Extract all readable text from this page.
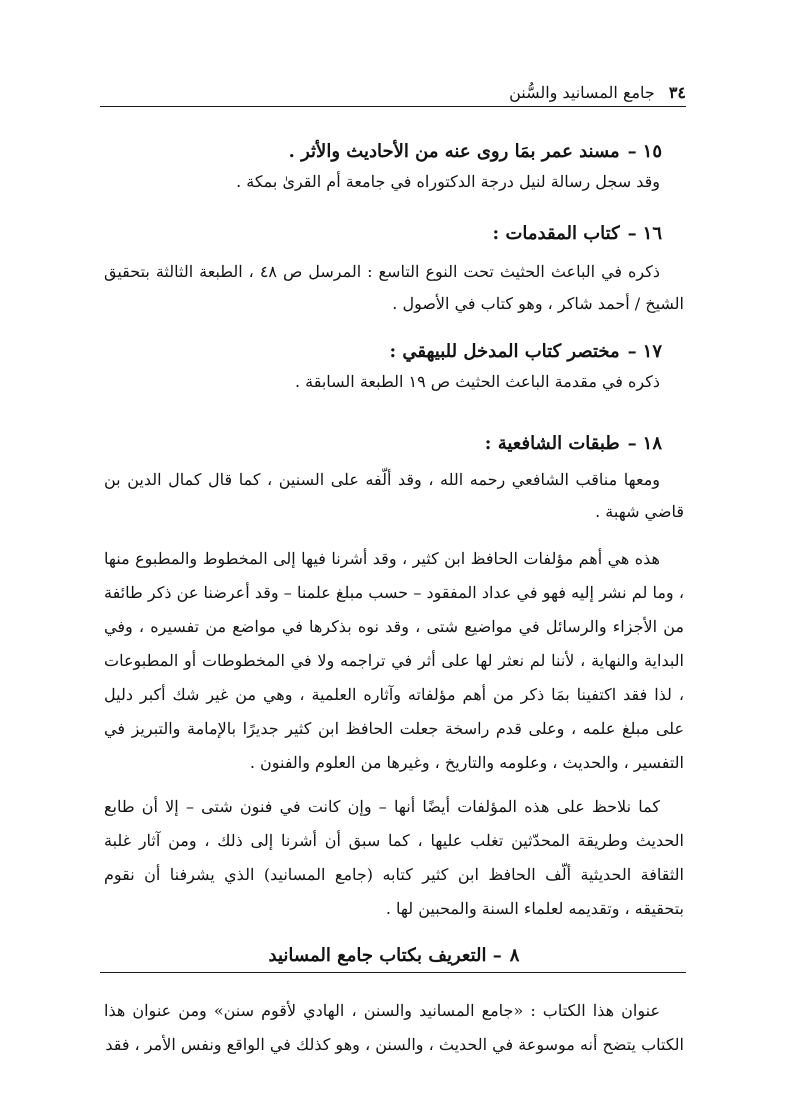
٣٤
جامع المسانيد والسُّنن

١٥–مسند عمر بمَا روى عنه من الأحاديث والأثر .

وقد سجل رسالة لنيل درجة الدكتوراه في جامعة أم القرىٰ بمكة .

١٦–كتاب المقدمات :

ذكره في الباعث الحثيث تحت النوع التاسع : المرسل ص ٤٨ ، الطبعة الثالثة بتحقيق الشيخ / أحمد شاكر ، وهو كتاب في الأصول .

١٧–مختصر كتاب المدخل للبيهقي :

ذكره في مقدمة الباعث الحثيث ص ١٩ الطبعة السابقة .

١٨–طبقات الشافعية :

ومعها مناقب الشافعي رحمه الله ، وقد ألّفه على السنين ، كما قال كمال الدين بن قاضي شهبة .

هذه هي أهم مؤلفات الحافظ ابن كثير ، وقد أشرنا فيها إلى المخطوط والمطبوع منها ، وما لم نشر إليه فهو في عداد المفقود – حسب مبلغ علمنا – وقد أعرضنا عن ذكر طائفة من الأجزاء والرسائل في مواضيع شتى ، وقد نوه بذكرها في مواضع من تفسيره ، وفي البداية والنهاية ، لأننا لم نعثر لها على أثر في تراجمه ولا في المخطوطات أو المطبوعات ، لذا فقد اكتفينا بمَا ذكر من أهم مؤلفاته وآثاره العلمية ، وهي من غير شك أكبر دليل على مبلغ علمه ، وعلى قدم راسخة جعلت الحافظ ابن كثير جديرًا بالإمامة والتبريز في التفسير ، والحديث ، وعلومه والتاريخ ، وغيرها من العلوم والفنون .

كما نلاحظ على هذه المؤلفات أيضًا أنها – وإن كانت في فنون شتى – إلا أن طابع الحديث وطريقة المحدّثين تغلب عليها ، كما سبق أن أشرنا إلى ذلك ، ومن آثار غلبة الثقافة الحديثية ألّف الحافظ ابن كثير كتابه (جامع المسانيد) الذي يشرفنا أن نقوم بتحقيقه ، وتقديمه لعلماء السنة والمحبين لها .

٨– التعريف بكتاب جامع المسانيد

عنوان هذا الكتاب : «جامع المسانيد والسنن ، الهادي لأقوم سنن» ومن عنوان هذا الكتاب يتضح أنه موسوعة في الحديث ، والسنن ، وهو كذلك في الواقع ونفس الأمر ، فقد
